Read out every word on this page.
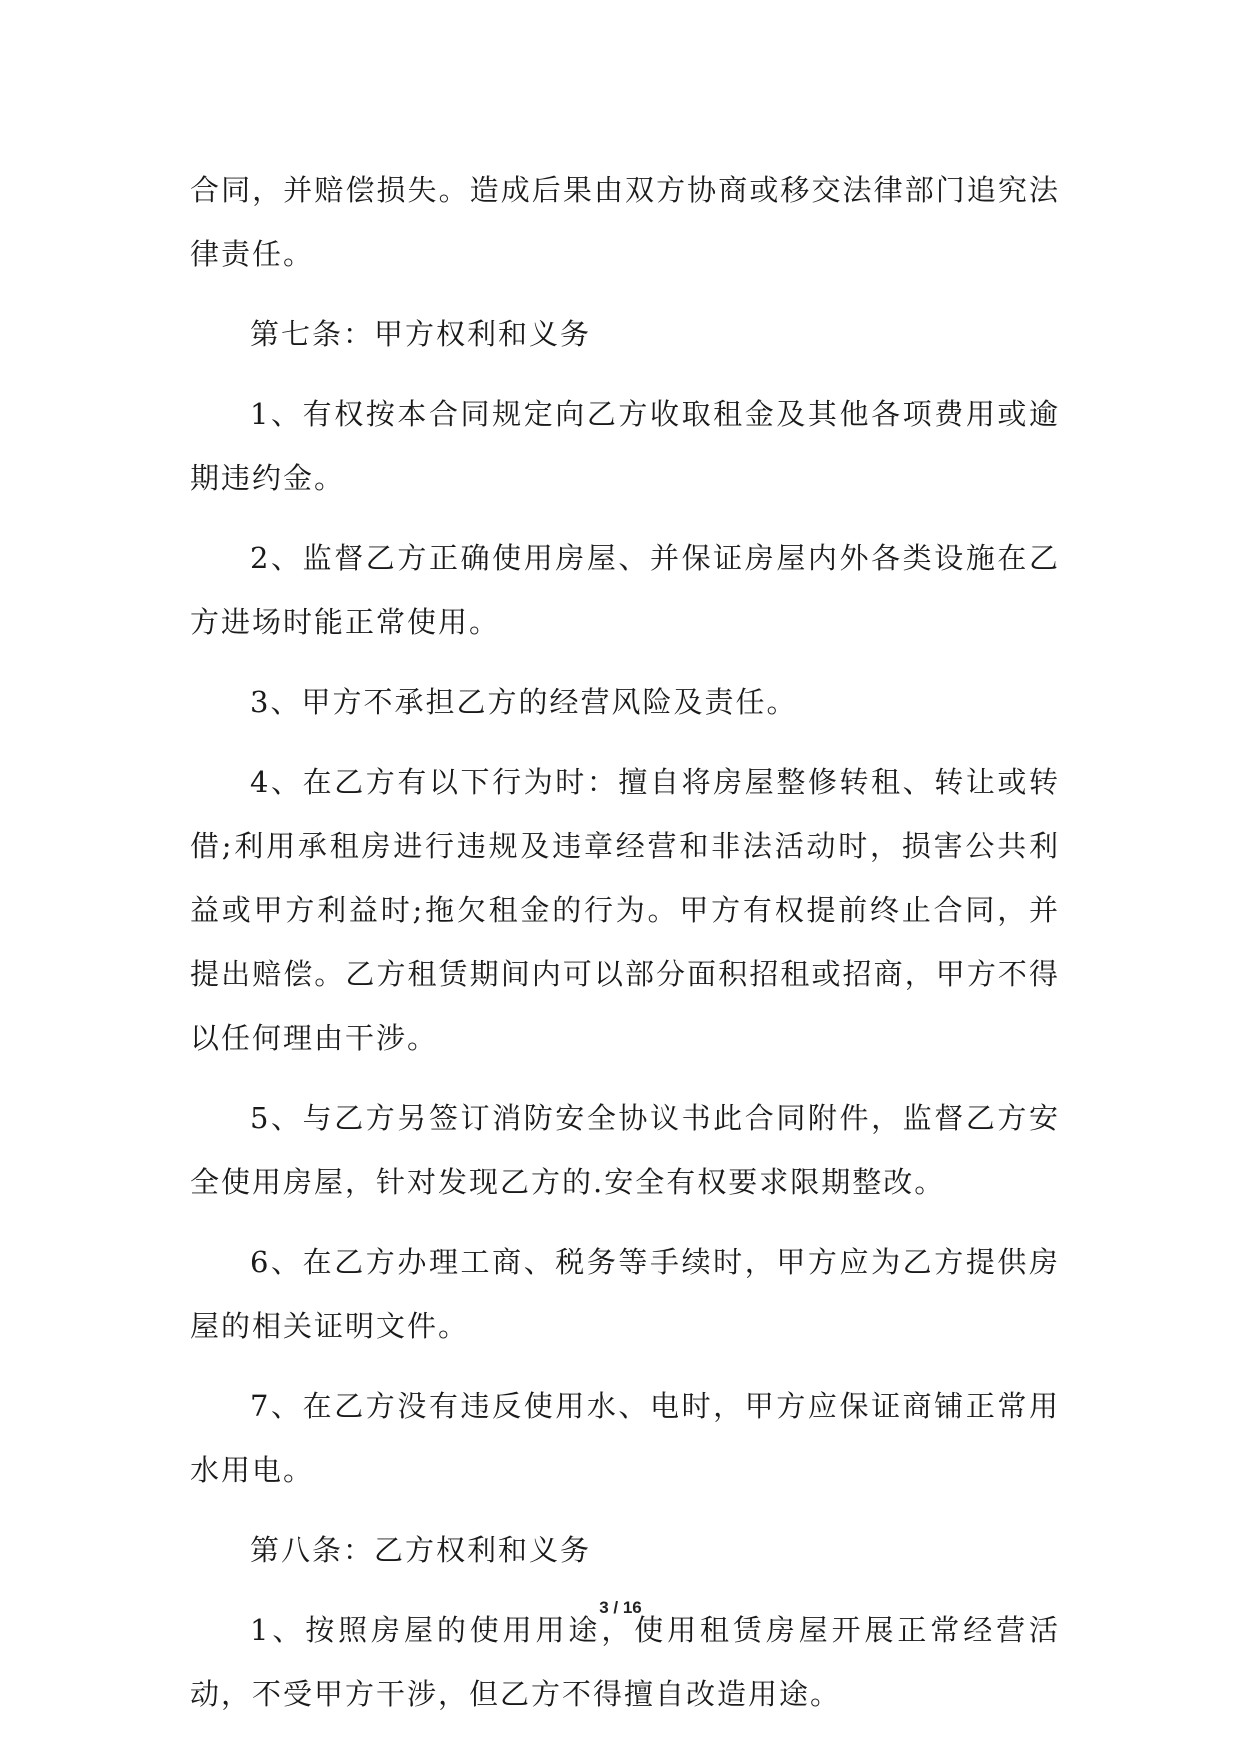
合同，并赔偿损失。造成后果由双方协商或移交法律部门追究法律责任。

第七条：甲方权利和义务

1、有权按本合同规定向乙方收取租金及其他各项费用或逾期违约金。

2、监督乙方正确使用房屋、并保证房屋内外各类设施在乙方进场时能正常使用。

3、甲方不承担乙方的经营风险及责任。

4、在乙方有以下行为时：擅自将房屋整修转租、转让或转借;利用承租房进行违规及违章经营和非法活动时，损害公共利益或甲方利益时;拖欠租金的行为。甲方有权提前终止合同，并提出赔偿。乙方租赁期间内可以部分面积招租或招商，甲方不得以任何理由干涉。

5、与乙方另签订消防安全协议书此合同附件，监督乙方安全使用房屋，针对发现乙方的.安全有权要求限期整改。

6、在乙方办理工商、税务等手续时，甲方应为乙方提供房屋的相关证明文件。

7、在乙方没有违反使用水、电时，甲方应保证商铺正常用水用电。

第八条：乙方权利和义务

1、按照房屋的使用用途，使用租赁房屋开展正常经营活动，不受甲方干涉，但乙方不得擅自改造用途。

3 / 16
